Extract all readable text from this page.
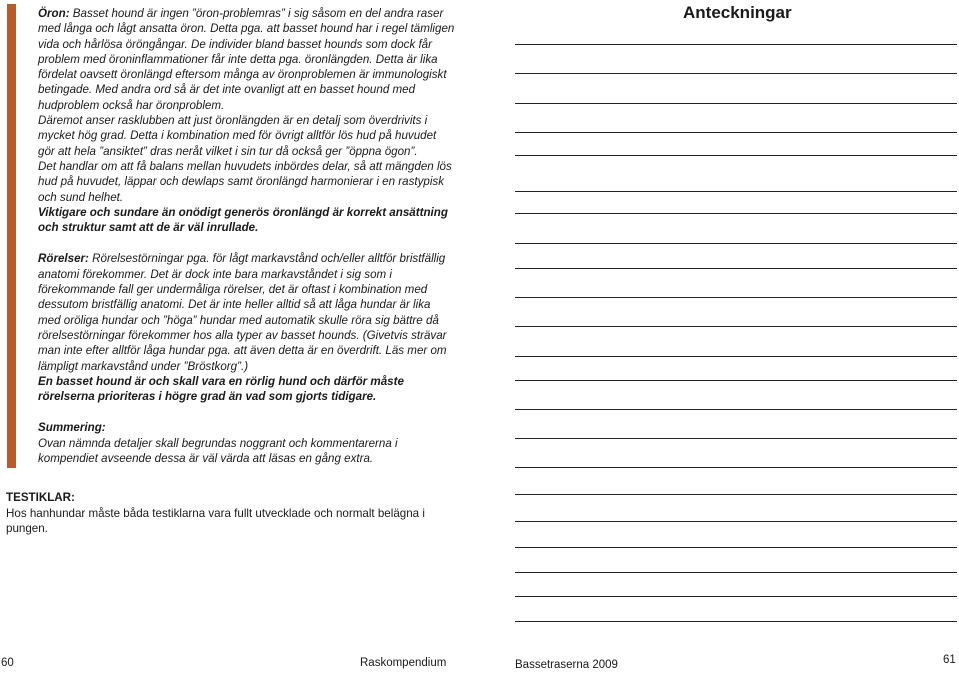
Öron: Basset hound är ingen ”öron-problemras” i sig såsom en del andra raser med långa och lågt ansatta öron. Detta pga. att basset hound har i regel tämligen vida och hårlösa öröngångar. De individer bland basset hounds som dock får problem med öroninflammationer får inte detta pga. öronlängden. Detta är lika fördelat oavsett öronlängd eftersom många av öronproblemen är immunologiskt betingade. Med andra ord så är det inte ovanligt att en basset hound med hudproblem också har öronproblem.

Däremot anser rasklubben att just öronlängden är en detalj som överdrivits i mycket hög grad. Detta i kombination med för övrigt alltför lös hud på huvudet gör att hela ”ansiktet” dras neråt vilket i sin tur då också ger ”öppna ögon”.

Det handlar om att få balans mellan huvudets inbördes delar, så att mängden lös hud på huvudet, läppar och dewlaps samt öronlängd harmonierar i en rastypisk och sund helhet.

Viktigare och sundare än onödigt generös öronlängd är korrekt ansättning och struktur samt att de är väl inrullade.

Rörelser: Rörelsestörningar pga. för lågt markavstånd och/eller alltför bristfällig anatomi förekommer. Det är dock inte bara markavståndet i sig som i förekommande fall ger undermåliga rörelser, det är oftast i kombination med dessutom bristfällig anatomi. Det är inte heller alltid så att låga hundar är lika med oröliga hundar och ”höga” hundar med automatik skulle röra sig bättre då rörelsestörningar förekommer hos alla typer av basset hounds. (Givetvis strävar man inte efter alltför låga hundar pga. att även detta är en överdrift. Läs mer om lämpligt markavstånd under ”Bröstkorg”.)

En basset hound är och skall vara en rörlig hund och därför måste rörelserna prioriteras i högre grad än vad som gjorts tidigare.

Summering:
Ovan nämnda detaljer skall begrundas noggrant och kommentarerna i kompendiet avseende dessa är väl värda att läsas en gång extra.

TESTIKLAR:

Hos hanhundar måste båda testiklarna vara fullt utvecklade och normalt belägna i pungen.

Anteckningar
60	Raskompendium	Bassetraserna 2009	61
